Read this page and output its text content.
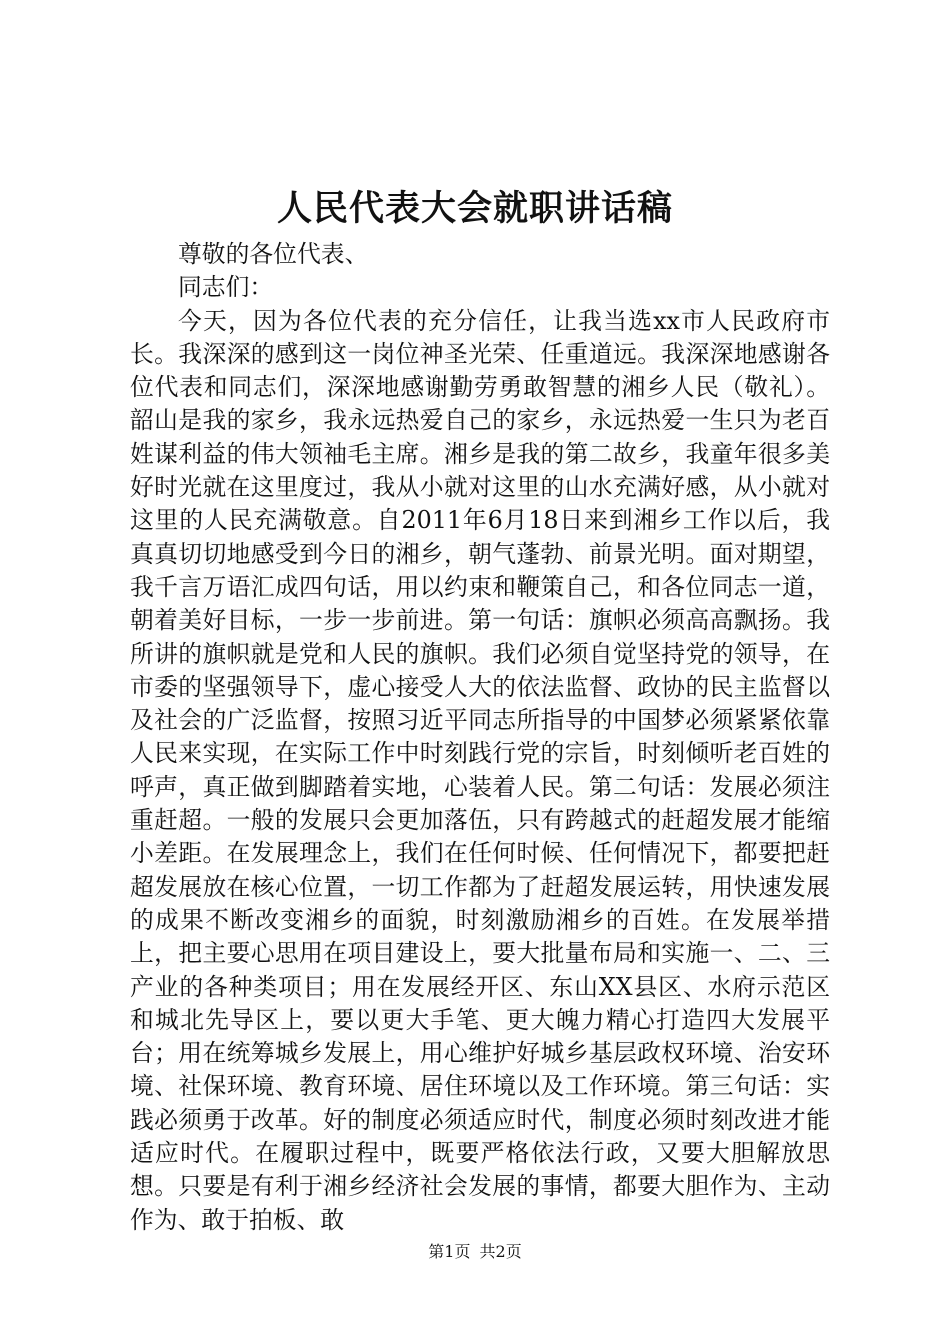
人民代表大会就职讲话稿

尊敬的各位代表、

同志们：

今天，因为各位代表的充分信任，让我当选xx市人民政府市长。我深深的感到这一岗位神圣光荣、任重道远。我深深地感谢各位代表和同志们，深深地感谢勤劳勇敢智慧的湘乡人民（敬礼）。韶山是我的家乡，我永远热爱自己的家乡，永远热爱一生只为老百姓谋利益的伟大领袖毛主席。湘乡是我的第二故乡，我童年很多美好时光就在这里度过，我从小就对这里的山水充满好感，从小就对这里的人民充满敬意。自2011年6月18日来到湘乡工作以后，我真真切切地感受到今日的湘乡，朝气蓬勃、前景光明。面对期望，我千言万语汇成四句话，用以约束和鞭策自己，和各位同志一道，朝着美好目标，一步一步前进。第一句话：旗帜必须高高飘扬。我所讲的旗帜就是党和人民的旗帜。我们必须自觉坚持党的领导，在市委的坚强领导下，虚心接受人大的依法监督、政协的民主监督以及社会的广泛监督，按照习近平同志所指导的中国梦必须紧紧依靠人民来实现，在实际工作中时刻践行党的宗旨，时刻倾听老百姓的呼声，真正做到脚踏着实地，心装着人民。第二句话：发展必须注重赶超。一般的发展只会更加落伍，只有跨越式的赶超发展才能缩小差距。在发展理念上，我们在任何时候、任何情况下，都要把赶超发展放在核心位置，一切工作都为了赶超发展运转，用快速发展的成果不断改变湘乡的面貌，时刻激励湘乡的百姓。在发展举措上，把主要心思用在项目建设上，要大批量布局和实施一、二、三产业的各种类项目；用在发展经开区、东山XX县区、水府示范区和城北先导区上，要以更大手笔、更大魄力精心打造四大发展平台；用在统筹城乡发展上，用心维护好城乡基层政权环境、治安环境、社保环境、教育环境、居住环境以及工作环境。第三句话：实践必须勇于改革。好的制度必须适应时代，制度必须时刻改进才能适应时代。在履职过程中，既要严格依法行政，又要大胆解放思想。只要是有利于湘乡经济社会发展的事情，都要大胆作为、主动作为、敢于拍板、敢

第1页 共2页
